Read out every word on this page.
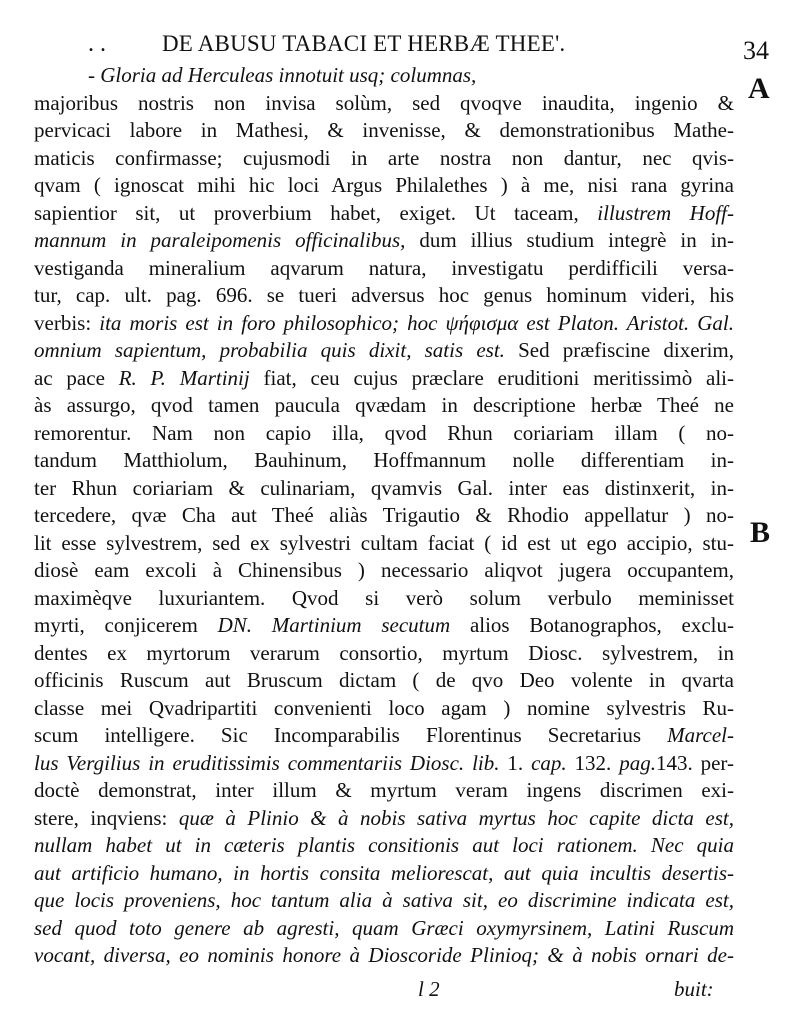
. . DE ABUSU TABACI ET HERBÆ THEE'.	34
A
B
- Gloria ad Herculeas innotuit usq; columnas,
majoribus nostris non invisa solùm, sed qvoqve inaudita, ingenio &
pervicaci labore in Mathesi, & invenisse, & demonstrationibus Mathe-
maticis confirmasse; cujusmodi in arte nostra non dantur, nec qvis-
qvam ( ignoscat mihi hic loci Argus Philalethes ) à me, nisi rana gyrina
sapientior sit, ut proverbium habet, exiget. Ut taceam, illustrem Hoff-
mannum in paraleipomenis officinalibus, dum illius studium integrè in in-
vestiganda mineralium aqvarum natura, investigatu perdifficili versa-
tur, cap. ult. pag. 696. se tueri adversus hoc genus hominum videri, his
verbis: ita moris est in foro philosophico; hoc ψήφισμα est Platon. Aristot. Gal.
omnium sapientum, probabilia quis dixit, satis est. Sed præfiscine dixerim,
ac pace R. P. Martinij fiat, ceu cujus præclare eruditioni meritissimò ali-
às assurgo, qvod tamen paucula qvædam in descriptione herbæ Theé ne
remorentur. Nam non capio illa, qvod Rhun coriariam illam ( no-
tandum Matthiolum, Bauhinum, Hoffmannum nolle differentiam in-
ter Rhun coriariam & culinariam, qvamvis Gal. inter eas distinxerit, in-
tercedere, qvæ Cha aut Theé aliàs Trigautio & Rhodio appellatur ) no-
lit esse sylvestrem, sed ex sylvestri cultam faciat ( id est ut ego accipio, stu-
diosè eam excoli à Chinensibus ) necessario aliqvot jugera occupantem,
maximèqve luxuriantem. Qvod si verò solum verbulo meminisset
myrti, conjicerem DN. Martinium secutum alios Botanographos, exclu-
dentes ex myrtorum verarum consortio, myrtum Diosc. sylvestrem, in
officinis Ruscum aut Bruscum dictam ( de qvo Deo volente in qvarta
classe mei Qvadripartiti convenienti loco agam ) nomine sylvestris Ru-
scum intelligere. Sic Incomparabilis Florentinus Secretarius Marcel-
lus Vergilius in eruditissimis commentariis Diosc. lib. 1. cap. 132. pag.143. per-
doctè demonstrat, inter illum & myrtum veram ingens discrimen exi-
stere, inqviens: quæ à Plinio & à nobis sativa myrtus hoc capite dicta est,
nullam habet ut in cæteris plantis consitionis aut loci rationem. Nec quia
aut artificio humano, in hortis consita meliorescat, aut quia incultis desertis-
que locis proveniens, hoc tantum alia à sativa sit, eo discrimine indicata est,
sed quod toto genere ab agresti, quam Græci oxymyrsinem, Latini Ruscum
vocant, diversa, eo nominis honore à Dioscoride Plinioq; & à nobis ornari de-
l 2	buit:
